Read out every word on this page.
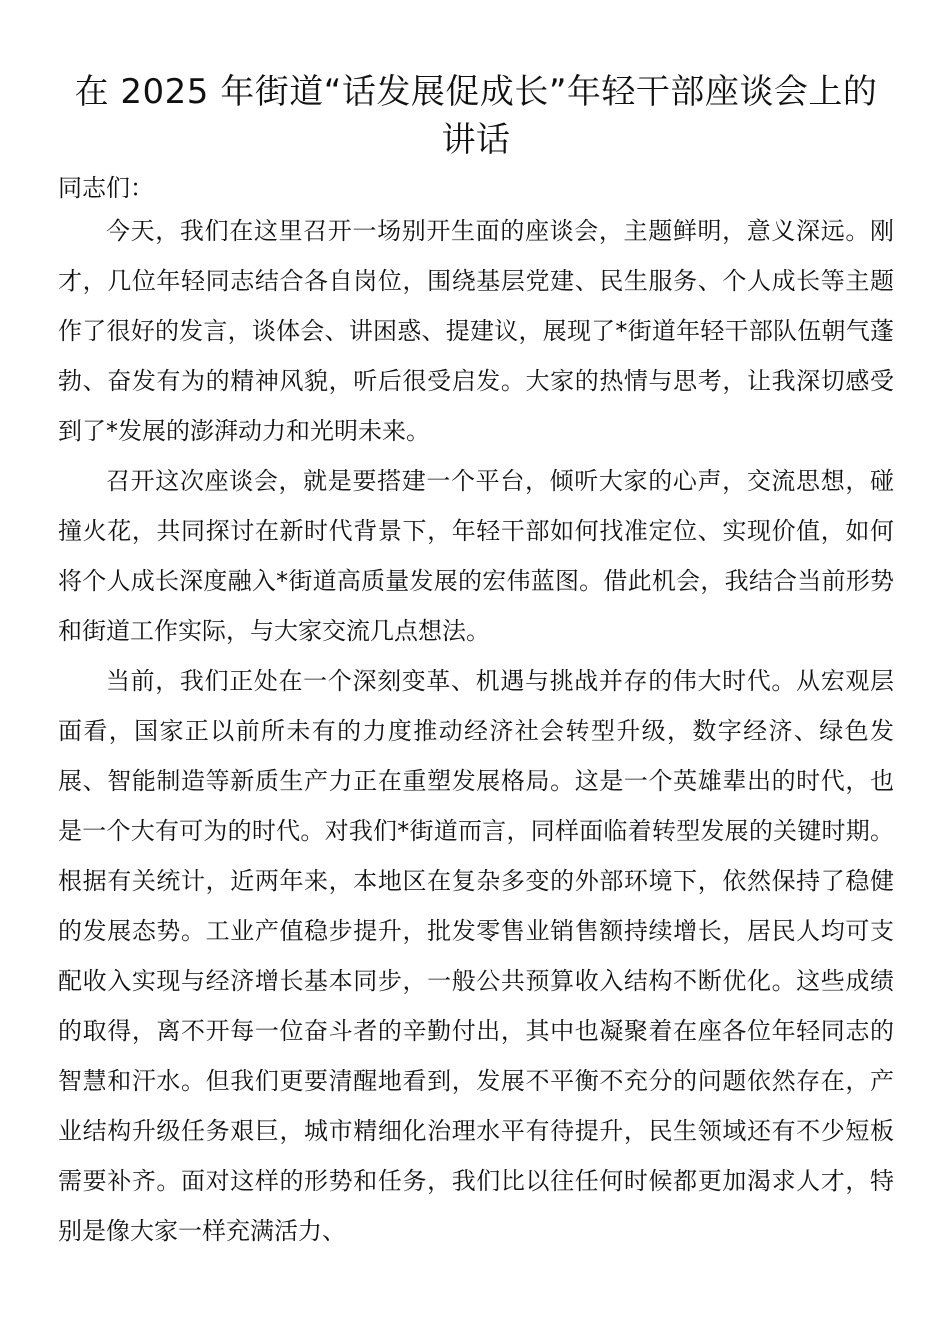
在 2025 年街道“话发展促成长”年轻干部座谈会上的讲话

同志们：

今天，我们在这里召开一场别开生面的座谈会，主题鲜明，意义深远。刚才，几位年轻同志结合各自岗位，围绕基层党建、民生服务、个人成长等主题作了很好的发言，谈体会、讲困惑、提建议，展现了*街道年轻干部队伍朝气蓬勃、奋发有为的精神风貌，听后很受启发。大家的热情与思考，让我深切感受到了*发展的澎湃动力和光明未来。

召开这次座谈会，就是要搭建一个平台，倾听大家的心声，交流思想，碰撞火花，共同探讨在新时代背景下，年轻干部如何找准定位、实现价值，如何将个人成长深度融入*街道高质量发展的宏伟蓝图。借此机会，我结合当前形势和街道工作实际，与大家交流几点想法。

当前，我们正处在一个深刻变革、机遇与挑战并存的伟大时代。从宏观层面看，国家正以前所未有的力度推动经济社会转型升级，数字经济、绿色发展、智能制造等新质生产力正在重塑发展格局。这是一个英雄辈出的时代，也是一个大有可为的时代。对我们*街道而言，同样面临着转型发展的关键时期。根据有关统计，近两年来，本地区在复杂多变的外部环境下，依然保持了稳健的发展态势。工业产值稳步提升，批发零售业销售额持续增长，居民人均可支配收入实现与经济增长基本同步，一般公共预算收入结构不断优化。这些成绩的取得，离不开每一位奋斗者的辛勤付出，其中也凝聚着在座各位年轻同志的智慧和汗水。但我们更要清醒地看到，发展不平衡不充分的问题依然存在，产业结构升级任务艰巨，城市精细化治理水平有待提升，民生领域还有不少短板需要补齐。面对这样的形势和任务，我们比以往任何时候都更加渴求人才，特别是像大家一样充满活力、
